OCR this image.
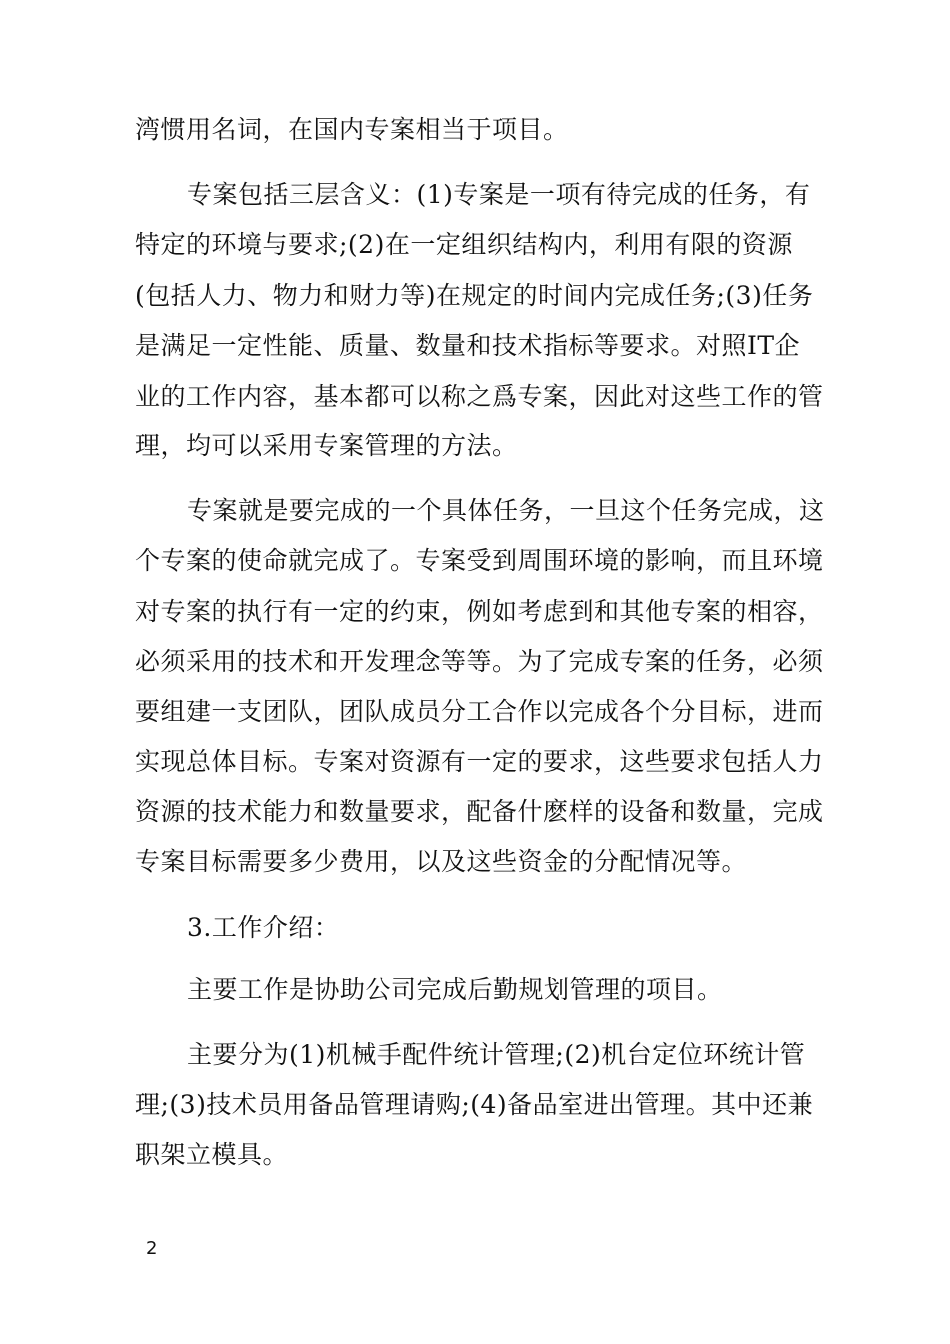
湾惯用名词，在国内专案相当于项目。
专案包括三层含义：(1)专案是一项有待完成的任务，有
特定的环境与要求;(2)在一定组织结构内，利用有限的资源
(包括人力、物力和财力等)在规定的时间内完成任务;(3)任务
是满足一定性能、质量、数量和技术指标等要求。对照IT企
业的工作内容，基本都可以称之爲专案，因此对这些工作的管
理，均可以采用专案管理的方法。
专案就是要完成的一个具体任务，一旦这个任务完成，这
个专案的使命就完成了。专案受到周围环境的影响，而且环境
对专案的执行有一定的约束，例如考虑到和其他专案的相容，
必须采用的技术和开发理念等等。为了完成专案的任务，必须
要组建一支团队，团队成员分工合作以完成各个分目标，进而
实现总体目标。专案对资源有一定的要求，这些要求包括人力
资源的技术能力和数量要求，配备什麽样的设备和数量，完成
专案目标需要多少费用，以及这些资金的分配情况等。
3.工作介绍：
主要工作是协助公司完成后勤规划管理的项目。
主要分为(1)机械手配件统计管理;(2)机台定位环统计管
理;(3)技术员用备品管理请购;(4)备品室进出管理。其中还兼
职架立模具。
2
